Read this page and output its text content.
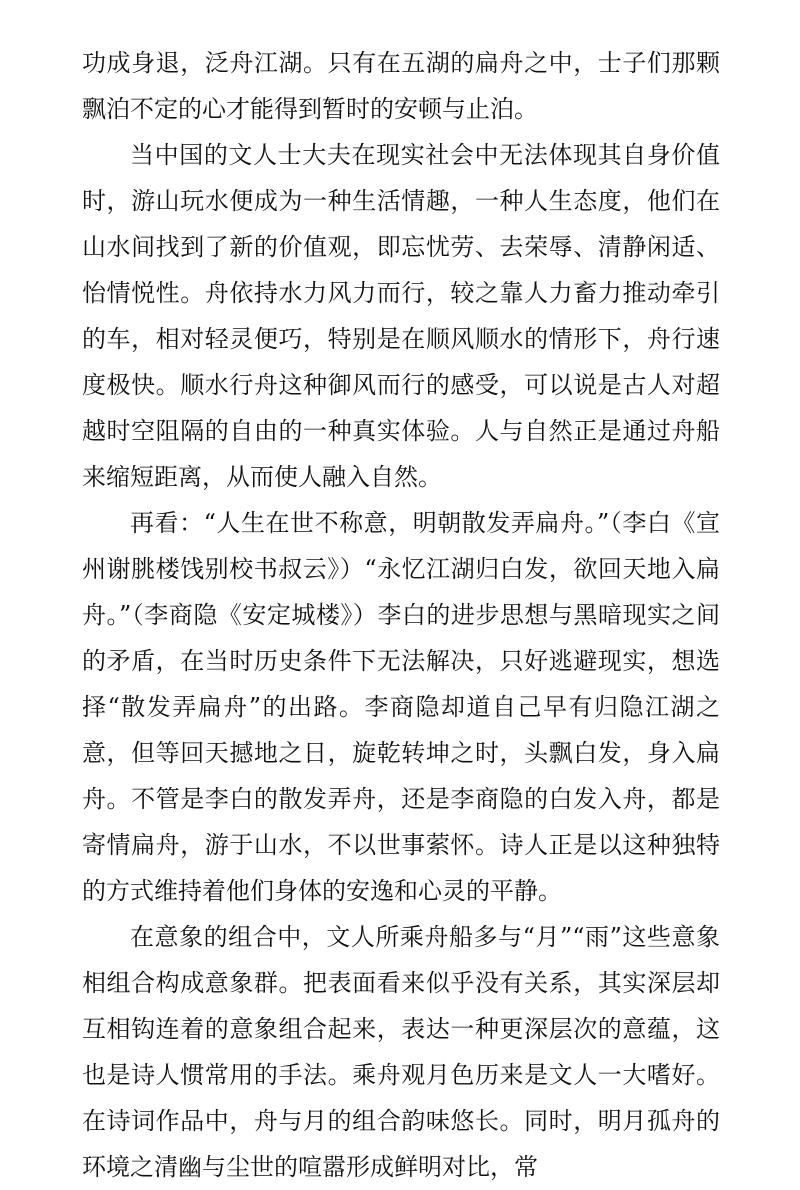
功成身退，泛舟江湖。只有在五湖的扁舟之中，士子们那颗飘泊不定的心才能得到暂时的安顿与止泊。

当中国的文人士大夫在现实社会中无法体现其自身价值时，游山玩水便成为一种生活情趣，一种人生态度，他们在山水间找到了新的价值观，即忘忧劳、去荣辱、清静闲适、怡情悦性。舟依持水力风力而行，较之靠人力畜力推动牵引的车，相对轻灵便巧，特别是在顺风顺水的情形下，舟行速度极快。顺水行舟这种御风而行的感受，可以说是古人对超越时空阻隔的自由的一种真实体验。人与自然正是通过舟船来缩短距离，从而使人融入自然。

再看：“人生在世不称意，明朝散发弄扁舟。”（李白《宣州谢朓楼饯别校书叔云》）“永忆江湖归白发，欲回天地入扁舟。”（李商隐《安定城楼》）李白的进步思想与黑暗现实之间的矛盾，在当时历史条件下无法解决，只好逃避现实，想选择“散发弄扁舟”的出路。李商隐却道自己早有归隐江湖之意，但等回天撼地之日，旋乾转坤之时，头飘白发，身入扁舟。不管是李白的散发弄舟，还是李商隐的白发入舟，都是寄情扁舟，游于山水，不以世事萦怀。诗人正是以这种独特的方式维持着他们身体的安逸和心灵的平静。

在意象的组合中，文人所乘舟船多与“月”“雨”这些意象相组合构成意象群。把表面看来似乎没有关系，其实深层却互相钩连着的意象组合起来，表达一种更深层次的意蕴，这也是诗人惯常用的手法。乘舟观月色历来是文人一大嗜好。在诗词作品中，舟与月的组合韵味悠长。同时，明月孤舟的环境之清幽与尘世的喧嚣形成鲜明对比，常
